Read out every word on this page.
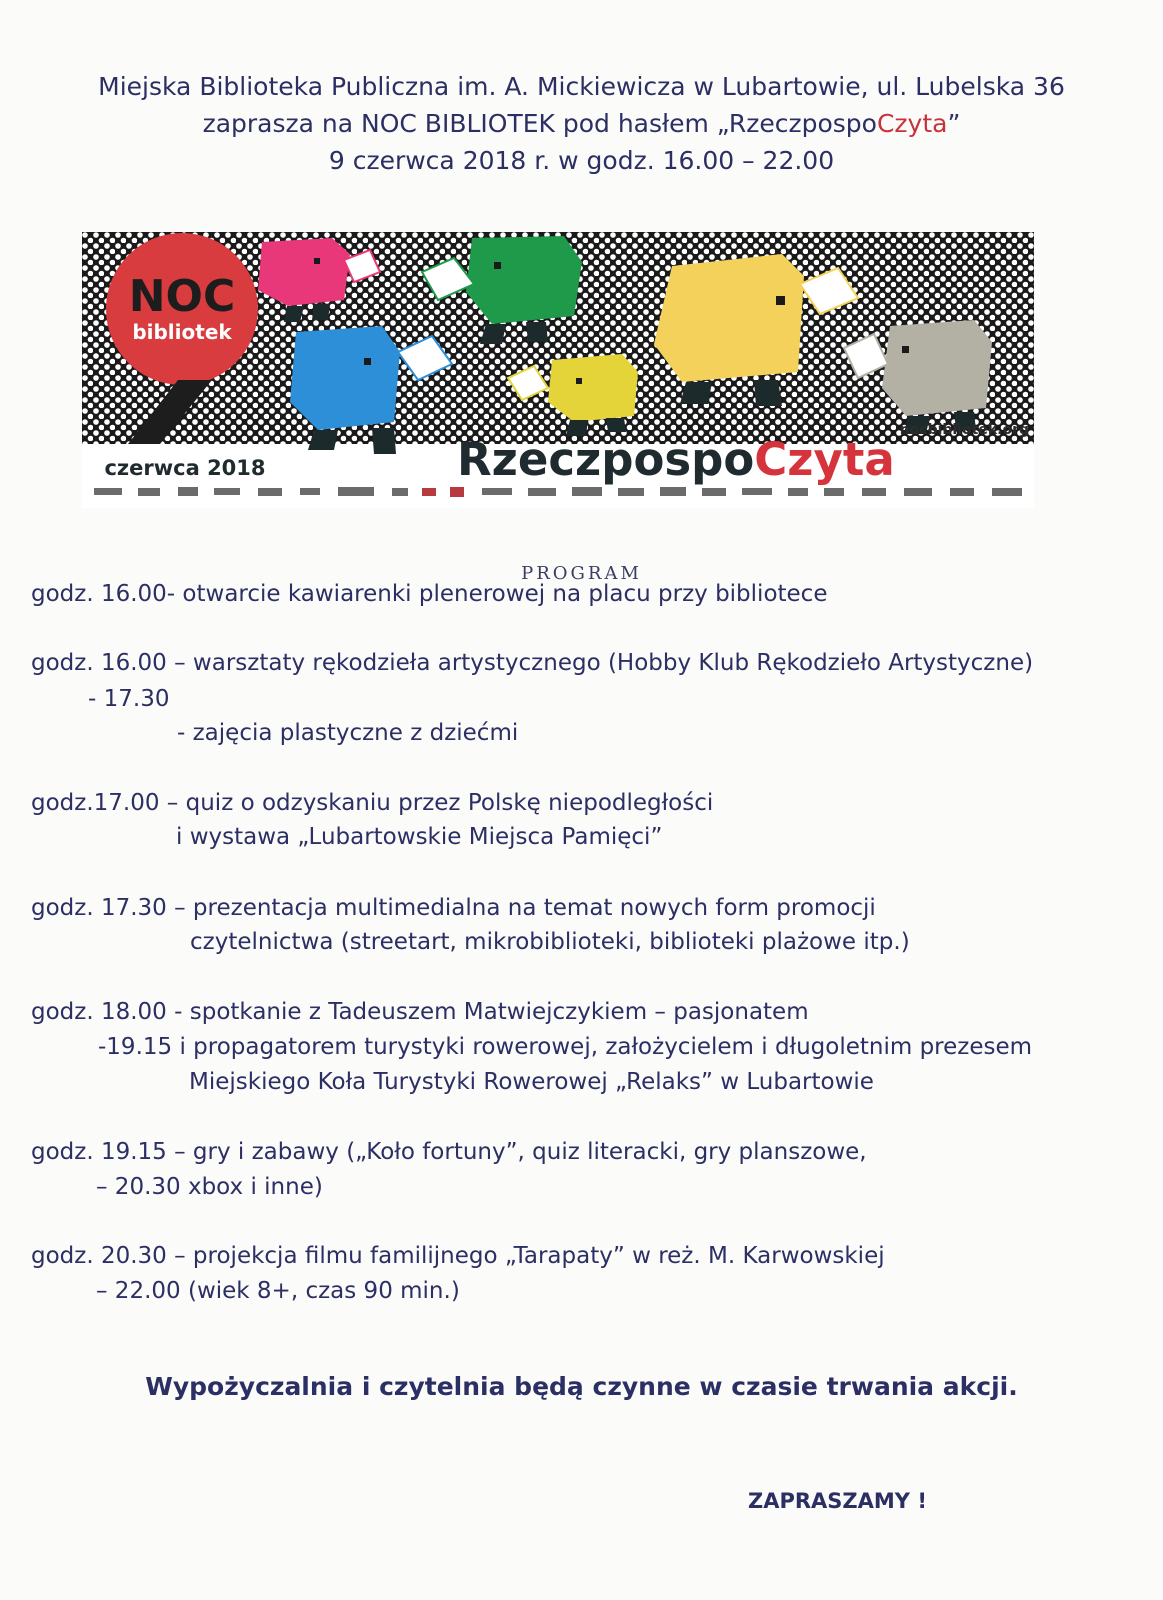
Miejska Biblioteka Publiczna im. A. Mickiewicza w Lubartowie, ul. Lubelska 36
zaprasza na NOC BIBLIOTEK pod hasłem „RzeczpospoCzyta”
9 czerwca 2018 r. w godz. 16.00 – 22.00
NOC
bibliotek
czerwca 2018
nocbibliotek.org
RzeczpospoCzyta
PROGRAM
godz. 16.00- otwarcie kawiarenki plenerowej na placu przy bibliotece
godz. 16.00 – warsztaty rękodzieła artystycznego (Hobby Klub Rękodzieło Artystyczne)
- 17.30
- zajęcia plastyczne z dziećmi
godz.17.00 – quiz o odzyskaniu przez Polskę niepodległości
i wystawa „Lubartowskie Miejsca Pamięci”
godz. 17.30 – prezentacja multimedialna na temat nowych form promocji
czytelnictwa (streetart, mikrobiblioteki, biblioteki plażowe itp.)
godz. 18.00 - spotkanie z Tadeuszem Matwiejczykiem – pasjonatem
-19.15 i propagatorem turystyki rowerowej, założycielem i długoletnim prezesem
Miejskiego Koła Turystyki Rowerowej „Relaks” w Lubartowie
godz. 19.15 – gry i zabawy („Koło fortuny”, quiz literacki, gry planszowe,
– 20.30 xbox i inne)
godz. 20.30 – projekcja filmu familijnego „Tarapaty” w reż. M. Karwowskiej
– 22.00 (wiek 8+, czas 90 min.)
Wypożyczalnia i czytelnia będą czynne w czasie trwania akcji.
ZAPRASZAMY !
